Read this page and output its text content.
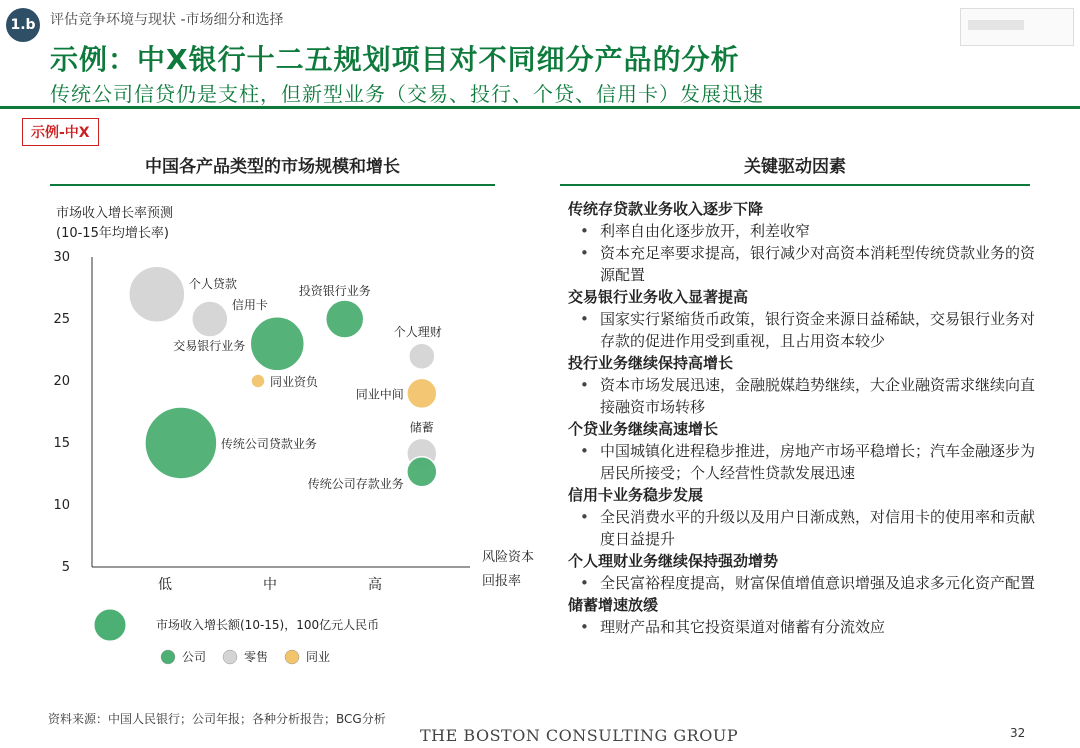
1.b	评估竞争环境与现状 -市场细分和选择
示例：中X银行十二五规划项目对不同细分产品的分析
传统公司信贷仍是支柱，但新型业务（交易、投行、个贷、信用卡）发展迅速
示例-中X
中国各产品类型的市场规模和增长	关键驱动因素
市场收入增长率预测
(10-15年均增长率)
5
10
15
20
25
30
低	中	高
个人贷款
信用卡
交易银行业务
投资银行业务
同业资负
个人理财
同业中间
传统公司贷款业务
储蓄
传统公司存款业务
风险资本
回报率
市场收入增长额(10-15)，100亿元人民币
公司	零售	同业
传统存贷款业务收入逐步下降
• 利率自由化逐步放开，利差收窄
• 资本充足率要求提高，银行减少对高资本消耗型传统贷款业务的资源配置
交易银行业务收入显著提高
• 国家实行紧缩货币政策，银行资金来源日益稀缺，交易银行业务对存款的促进作用受到重视，且占用资本较少
投行业务继续保持高增长
• 资本市场发展迅速，金融脱媒趋势继续，大企业融资需求继续向直接融资市场转移
个贷业务继续高速增长
• 中国城镇化进程稳步推进，房地产市场平稳增长；汽车金融逐步为居民所接受；个人经营性贷款发展迅速
信用卡业务稳步发展
• 全民消费水平的升级以及用户日渐成熟，对信用卡的使用率和贡献度日益提升
个人理财业务继续保持强劲增势
• 全民富裕程度提高，财富保值增值意识增强及追求多元化资产配置
储蓄增速放缓
• 理财产品和其它投资渠道对储蓄有分流效应
资料来源：中国人民银行；公司年报；各种分析报告；BCG分析
THE BOSTON CONSULTING GROUP	32
